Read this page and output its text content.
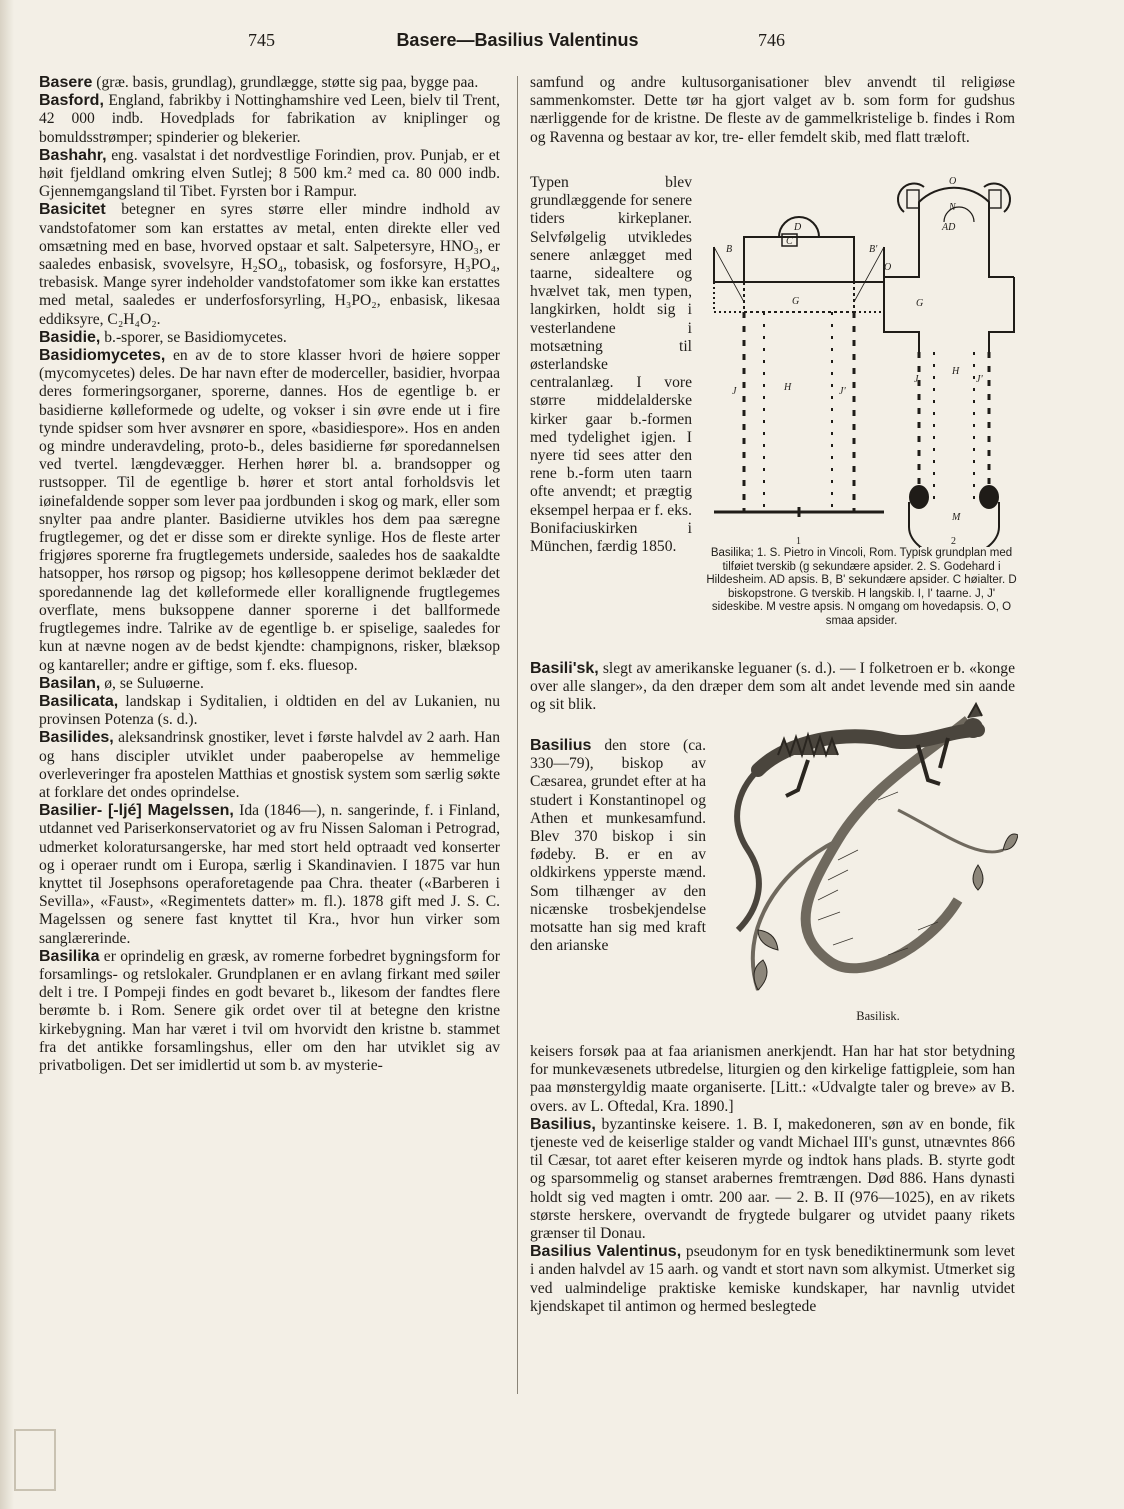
745	Basere—Basilius Valentinus	746

Basere (græ. basis, grundlag), grundlægge, støtte sig paa, bygge paa.

Basford, England, fabrikby i Nottinghamshire ved Leen, bielv til Trent, 42 000 indb. Hovedplads for fabrikation av kniplinger og bomuldsstrømper; spinderier og blekerier.

Bashahr, eng. vasalstat i det nordvestlige Forindien, prov. Punjab, er et høit fjeldland omkring elven Sutlej; 8 500 km.² med ca. 80 000 indb. Gjennemgangsland til Tibet. Fyrsten bor i Rampur.

Basicitet betegner en syres større eller mindre indhold av vandstofatomer som kan erstattes av metal, enten direkte eller ved omsætning med en base, hvorved opstaar et salt. Salpetersyre, HNO₃, er saaledes enbasisk, svovelsyre, H₂SO₄, tobasisk, og fosforsyre, H₃PO₄, trebasisk. Mange syrer indeholder vandstofatomer som ikke kan erstattes med metal, saaledes er underfosforsyrling, H₃PO₂, enbasisk, likesaa eddiksyre, C₂H₄O₂.

Basidie, b.-sporer, se Basidiomycetes.

Basidiomycetes, en av de to store klasser hvori de høiere sopper (mycomycetes) deles. De har navn efter de moderceller, basidier, hvorpaa deres formeringsorganer, sporerne, dannes. Hos de egentlige b. er basidierne kølleformede og udelte, og vokser i sin øvre ende ut i fire tynde spidser som hver avsnører en spore, «basidiespore». Hos en anden og mindre underavdeling, proto-b., deles basidierne før sporedannelsen ved tvertel. længdevægger. Herhen hører bl. a. brandsopper og rustsopper. Til de egentlige b. hører et stort antal forholdsvis let iøinefaldende sopper som lever paa jordbunden i skog og mark, eller som snylter paa andre planter. Basidierne utvikles hos dem paa særegne frugtlegemer, og det er disse som er direkte synlige. Hos de fleste arter frigjøres sporerne fra frugtlegemets underside, saaledes hos de saakaldte hatsopper, hos rørsop og pigsop; hos køllesoppene derimot beklæder det sporedannende lag det kølleformede eller korallignende frugtlegemes overflate, mens buksoppene danner sporerne i det ballformede frugtlegemes indre. Talrike av de egentlige b. er spiselige, saaledes for kun at nævne nogen av de bedst kjendte: champignons, risker, blæksop og kantareller; andre er giftige, som f. eks. fluesop.

Basilan, ø, se Suluøerne.

Basilicata, landskap i Syditalien, i oldtiden en del av Lukanien, nu provinsen Potenza (s. d.).

Basilides, aleksandrinsk gnostiker, levet i første halvdel av 2 aarh. Han og hans discipler utviklet under paaberopelse av hemmelige overleveringer fra apostelen Matthias et gnostisk system som særlig søkte at forklare det ondes oprindelse.

Basilier- [-ljé] Magelssen, Ida (1846—), n. sangerinde, f. i Finland, utdannet ved Pariserkonservatoriet og av fru Nissen Saloman i Petrograd, udmerket koloratursangerske, har med stort held optraadt ved konserter og i operaer rundt om i Europa, særlig i Skandinavien. I 1875 var hun knyttet til Josephsons operaforetagende paa Chra. theater («Barberen i Sevilla», «Faust», «Regimentets datter» m. fl.). 1878 gift med J. S. C. Magelssen og senere fast knyttet til Kra., hvor hun virker som sanglærerinde.

Basilika er oprindelig en græsk, av romerne forbedret bygningsform for forsamlings- og retslokaler. Grundplanen er en avlang firkant med søiler delt i tre. I Pompeji findes en godt bevaret b., likesom der fandtes flere berømte b. i Rom. Senere gik ordet over til at betegne den kristne kirkebygning. Man har været i tvil om hvorvidt den kristne b. stammet fra det antikke forsamlingshus, eller om den har utviklet sig av privatboligen. Det ser imidlertid ut som b. av mysterie-

samfund og andre kultusorganisationer blev anvendt til religiøse sammenkomster. Dette tør ha gjort valget av b. som form for gudshus nærliggende for de kristne. De fleste av de gammelkristelige b. findes i Rom og Ravenna og bestaar av kor, tre- eller femdelt skib, med flatt træloft.

Typen blev grundlæggende for senere tiders kirkeplaner. Selvfølgelig utvikledes senere anlægget med taarne, sidealtere og hvælvet tak, men typen, langkirken, holdt sig i vesterlandene i motsætning til østerlandske centralanlæg. I vore større middelalderske kirker gaar b.-formen med tydelighet igjen. I nyere tid sees atter den rene b.-form uten taarn ofte anvendt; et prægtig eksempel herpaa er f. eks. Bonifaciuskirken i München, færdig 1850.

D
C
B	B'
G
H
J	J'
1
O
N
AD
O
G
H
J	J'
M
2
Basilika; 1. S. Pietro in Vincoli, Rom. Typisk grundplan med tilføiet tverskib (g sekundære apsider. 2. S. Godehard i Hildesheim. AD apsis. B, B' sekundære apsider. C høialter. D biskopstrone. G tverskib. H langskib. I, I' taarne. J, J' sideskibe. M vestre apsis. N omgang om hovedapsis. O, O smaa apsider.

Basili'sk, slegt av amerikanske leguaner (s. d.). — I folketroen er b. «konge over alle slanger», da den dræper dem som alt andet levende med sin aande og sit blik.

Basilius den store (ca. 330—79), biskop av Cæsarea, grundet efter at ha studert i Konstantinopel og Athen et munkesamfund. Blev 370 biskop i sin fødeby. B. er en av oldkirkens ypperste mænd. Som tilhænger av den nicænske trosbekjendelse motsatte han sig med kraft den arianske

Basilisk.

keisers forsøk paa at faa arianismen anerkjendt. Han har hat stor betydning for munkevæsenets utbredelse, liturgien og den kirkelige fattigpleie, som han paa mønstergyldig maate organiserte. [Litt.: «Udvalgte taler og breve» av B. overs. av L. Oftedal, Kra. 1890.]

Basilius, byzantinske keisere. 1. B. I, makedoneren, søn av en bonde, fik tjeneste ved de keiserlige stalder og vandt Michael III's gunst, utnævntes 866 til Cæsar, tot aaret efter keiseren myrde og indtok hans plads. B. styrte godt og sparsommelig og stanset arabernes fremtrængen. Død 886. Hans dynasti holdt sig ved magten i omtr. 200 aar. — 2. B. II (976—1025), en av rikets største herskere, overvandt de frygtede bulgarer og utvidet paany rikets grænser til Donau.

Basilius Valentinus, pseudonym for en tysk benediktinermunk som levet i anden halvdel av 15 aarh. og vandt et stort navn som alkymist. Utmerket sig ved ualmindelige praktiske kemiske kundskaper, har navnlig utvidet kjendskapet til antimon og hermed beslegtede
